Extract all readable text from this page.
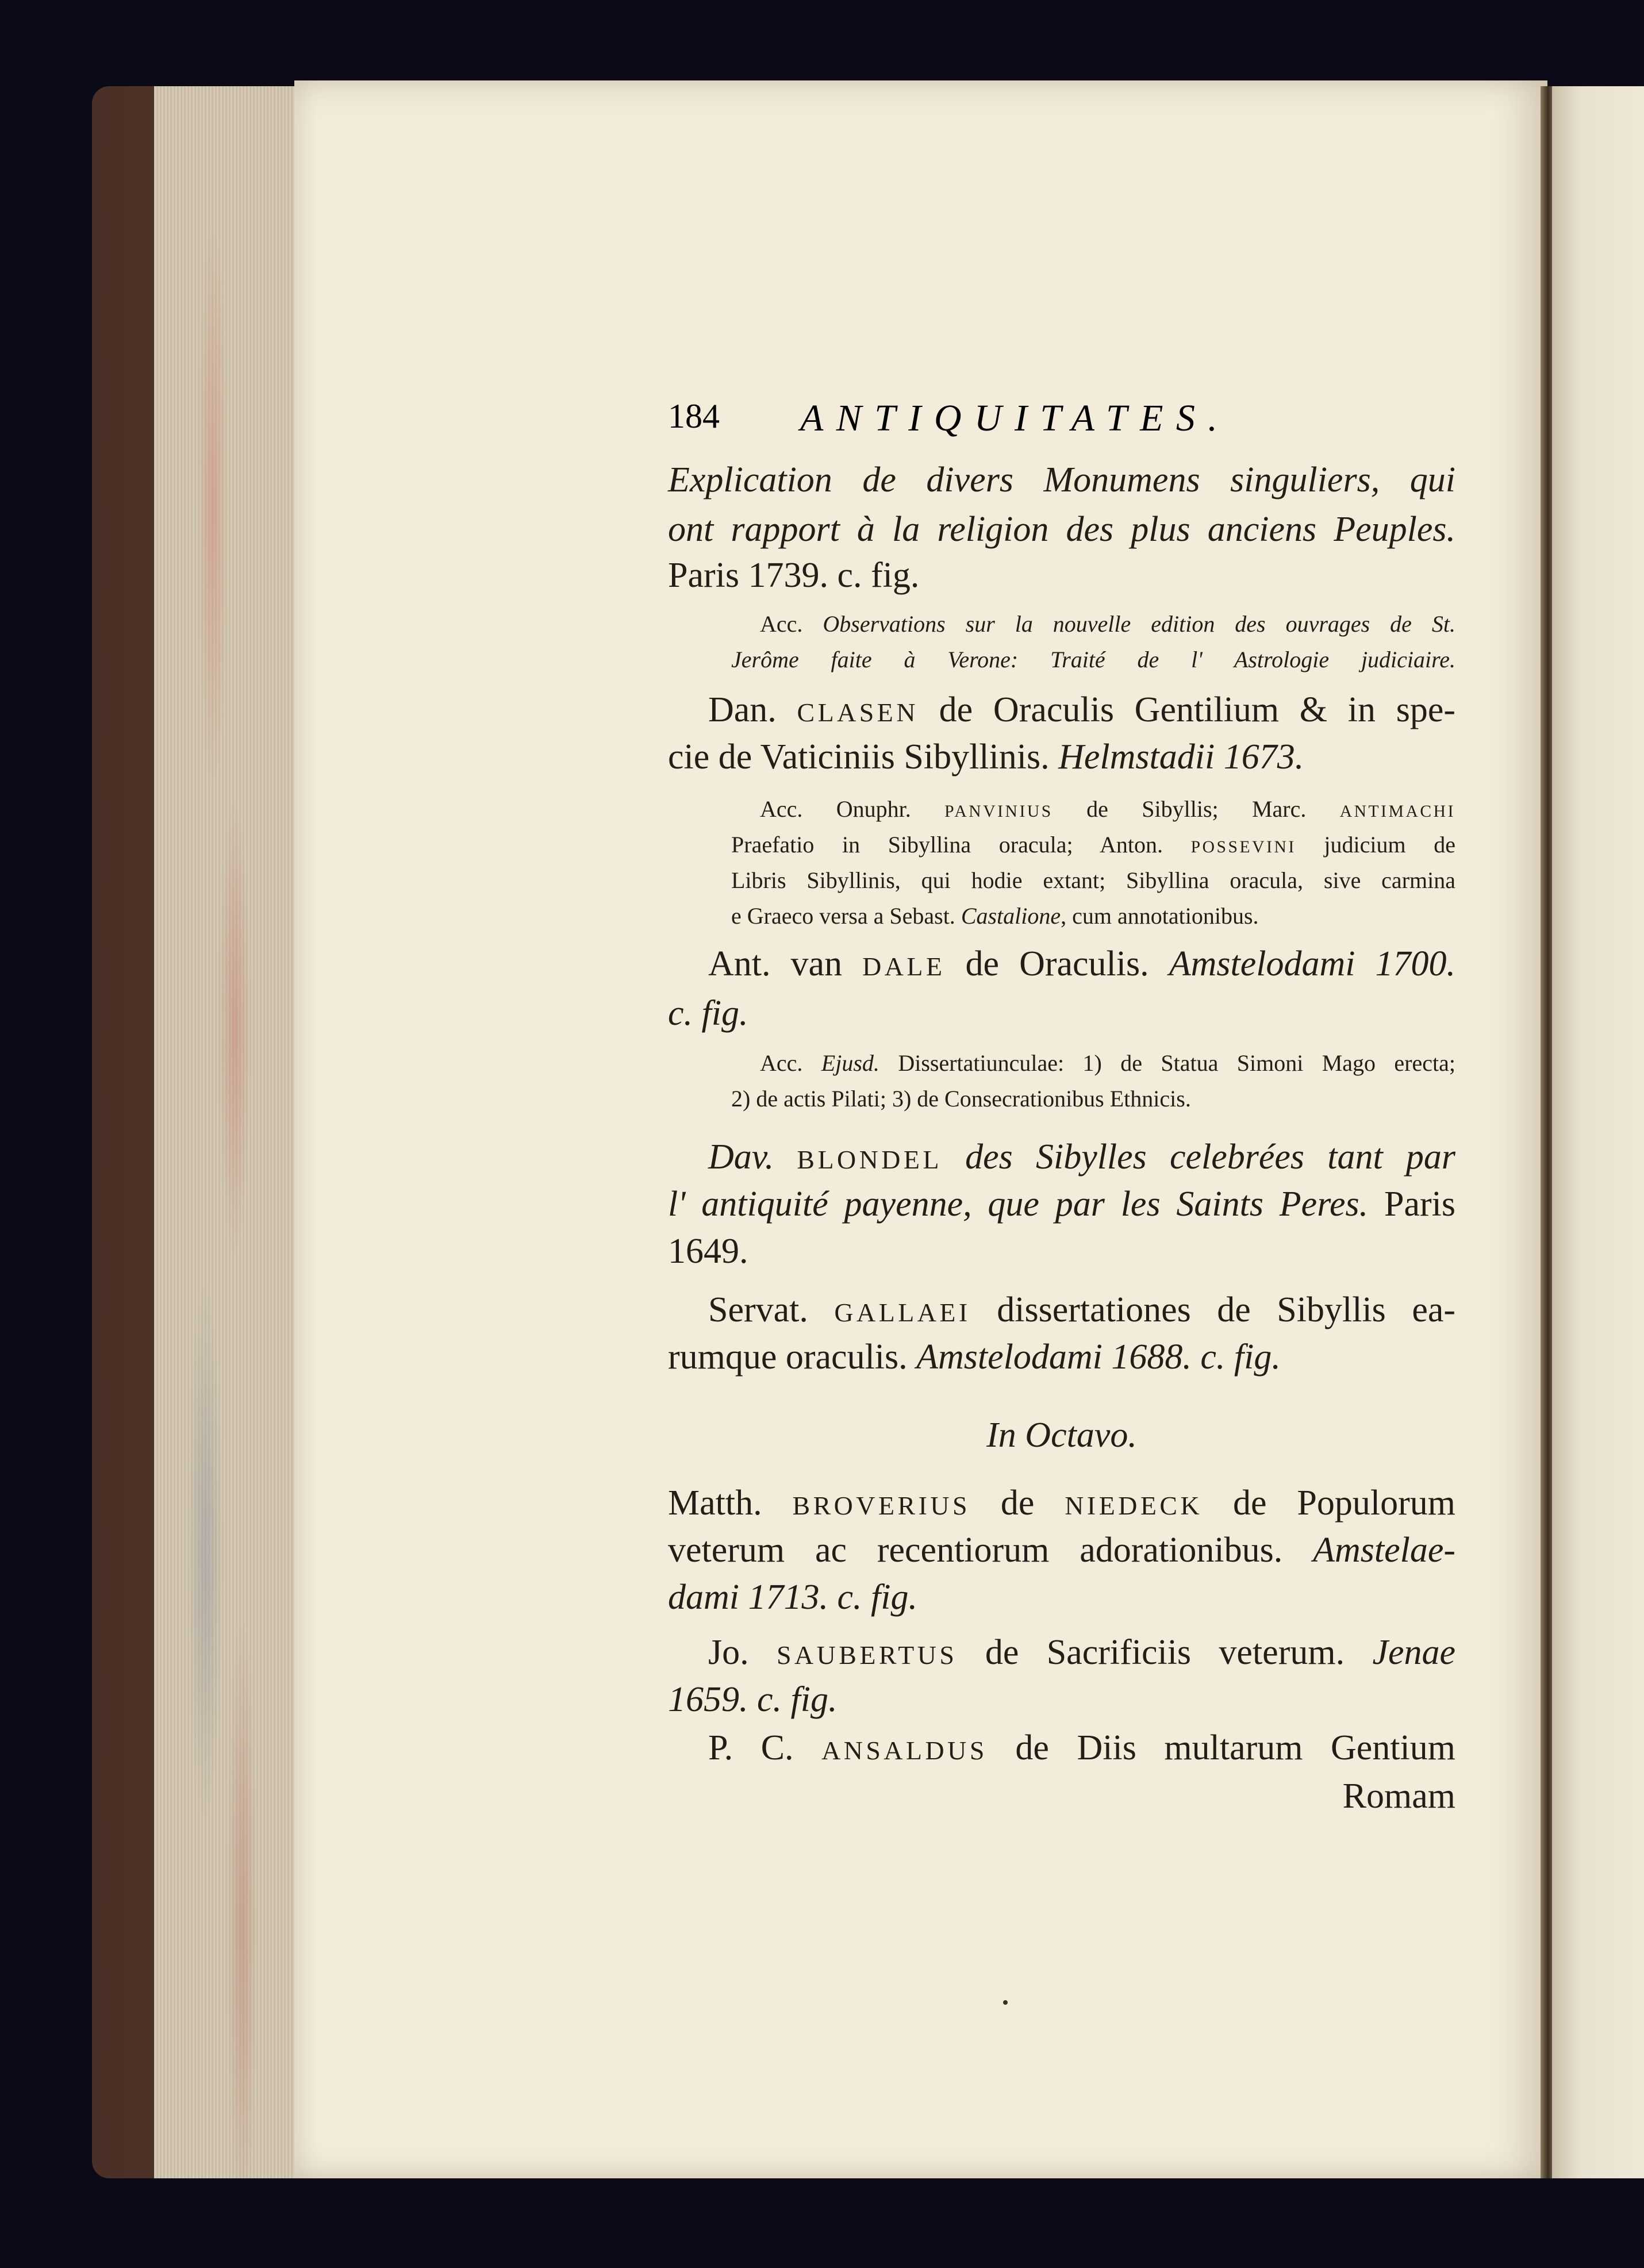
184 ANTIQUITATES.
Explication de divers Monumens singuliers, qui
ont rapport à la religion des plus anciens Peuples.
Paris 1739. c. fig.
Acc. Observations sur la nouvelle edition des ouvrages de St.
Jerôme faite à Verone: Traité de l' Astrologie judiciaire.
Dan. CLASEN de Oraculis Gentilium & in spe-
cie de Vaticiniis Sibyllinis. Helmstadii 1673.
Acc. Onuphr. PANVINIUS de Sibyllis; Marc. ANTIMACHI
Praefatio in Sibyllina oracula; Anton. POSSEVINI judicium de
Libris Sibyllinis, qui hodie extant; Sibyllina oracula, sive carmina
e Graeco versa a Sebast. Castalione, cum annotationibus.
Ant. van DALE de Oraculis. Amstelodami 1700.
c. fig.
Acc. Ejusd. Dissertatiunculae: 1) de Statua Simoni Mago erecta;
2) de actis Pilati; 3) de Consecrationibus Ethnicis.
Dav. BLONDEL des Sibylles celebrées tant par
l' antiquité payenne, que par les Saints Peres. Paris
1649.
Servat. GALLAEI dissertationes de Sibyllis ea-
rumque oraculis. Amstelodami 1688. c. fig.
In Octavo.
Matth. BROVERIUS de NIEDECK de Populorum
veterum ac recentiorum adorationibus. Amstelae-
dami 1713. c. fig.
Jo. SAUBERTUS de Sacrificiis veterum. Jenae
1659. c. fig.
P. C. ANSALDUS de Diis multarum Gentium
Romam
